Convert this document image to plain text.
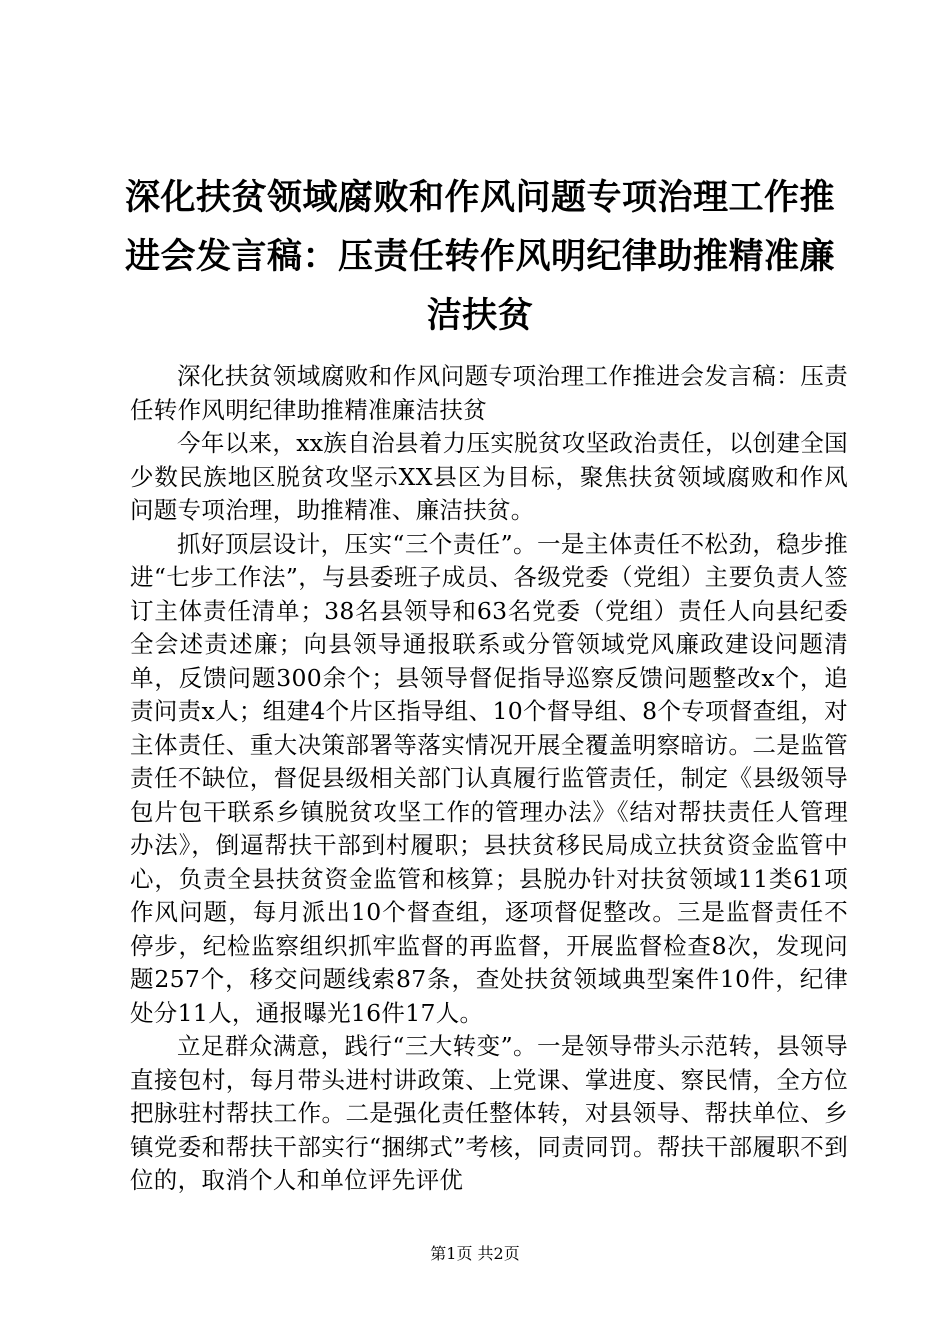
深化扶贫领域腐败和作风问题专项治理工作推进会发言稿：压责任转作风明纪律助推精准廉洁扶贫

深化扶贫领域腐败和作风问题专项治理工作推进会发言稿：压责任转作风明纪律助推精准廉洁扶贫

今年以来，xx族自治县着力压实脱贫攻坚政治责任，以创建全国少数民族地区脱贫攻坚示XX县区为目标，聚焦扶贫领域腐败和作风问题专项治理，助推精准、廉洁扶贫。

抓好顶层设计，压实“三个责任”。一是主体责任不松劲，稳步推进“七步工作法”，与县委班子成员、各级党委（党组）主要负责人签订主体责任清单；38名县领导和63名党委（党组）责任人向县纪委全会述责述廉；向县领导通报联系或分管领域党风廉政建设问题清单，反馈问题300余个；县领导督促指导巡察反馈问题整改x个，追责问责x人；组建4个片区指导组、10个督导组、8个专项督查组，对主体责任、重大决策部署等落实情况开展全覆盖明察暗访。二是监管责任不缺位，督促县级相关部门认真履行监管责任，制定《县级领导包片包干联系乡镇脱贫攻坚工作的管理办法》《结对帮扶责任人管理办法》，倒逼帮扶干部到村履职；县扶贫移民局成立扶贫资金监管中心，负责全县扶贫资金监管和核算；县脱办针对扶贫领域11类61项作风问题，每月派出10个督查组，逐项督促整改。三是监督责任不停步，纪检监察组织抓牢监督的再监督，开展监督检查8次，发现问题257个，移交问题线索87条，查处扶贫领域典型案件10件，纪律处分11人，通报曝光16件17人。

立足群众满意，践行“三大转变”。一是领导带头示范转，县领导直接包村，每月带头进村讲政策、上党课、掌进度、察民情，全方位把脉驻村帮扶工作。二是强化责任整体转，对县领导、帮扶单位、乡镇党委和帮扶干部实行“捆绑式”考核，同责同罚。帮扶干部履职不到位的，取消个人和单位评先评优

第1页 共2页
